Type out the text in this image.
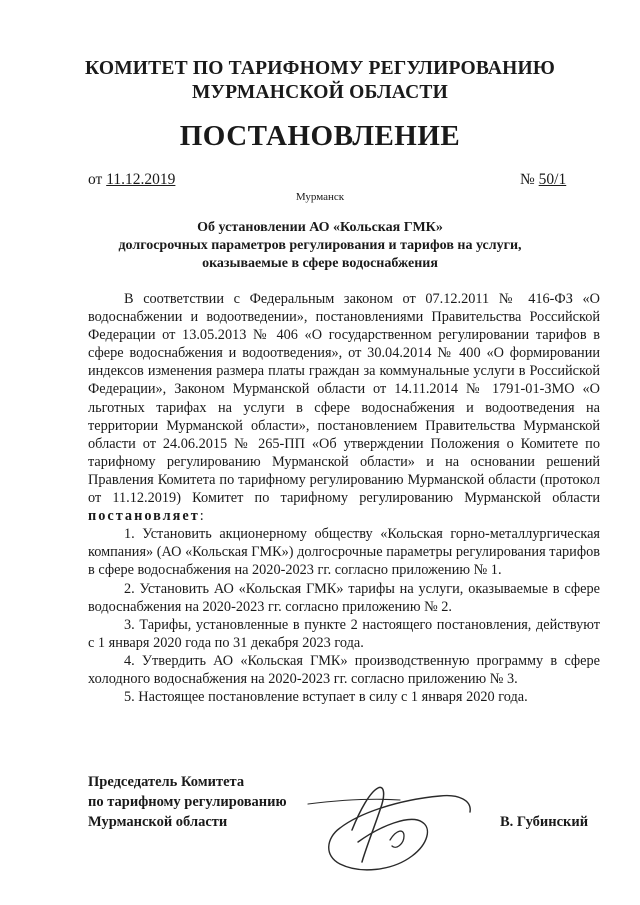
КОМИТЕТ ПО ТАРИФНОМУ РЕГУЛИРОВАНИЮ
МУРМАНСКОЙ ОБЛАСТИ
ПОСТАНОВЛЕНИЕ
от 11.12.2019	№ 50/1
Мурманск
Об установлении АО «Кольская ГМК»
долгосрочных параметров регулирования и тарифов на услуги,
оказываемые в сфере водоснабжения

В соответствии с Федеральным законом от 07.12.2011 № 416-ФЗ «О водоснабжении и водоотведении», постановлениями Правительства Российской Федерации от 13.05.2013 № 406 «О государственном регулировании тарифов в сфере водоснабжения и водоотведения», от 30.04.2014 № 400 «О формировании индексов изменения размера платы граждан за коммунальные услуги в Российской Федерации», Законом Мурманской области от 14.11.2014 № 1791-01-ЗМО «О льготных тарифах на услуги в сфере водоснабжения и водоотведения на территории Мурманской области», постановлением Правительства Мурманской области от 24.06.2015 № 265-ПП «Об утверждении Положения о Комитете по тарифному регулированию Мурманской области» и на основании решений Правления Комитета по тарифному регулированию Мурманской области (протокол от 11.12.2019) Комитет по тарифному регулированию Мурманской области постановляет:

1. Установить акционерному обществу «Кольская горно-металлургическая компания» (АО «Кольская ГМК») долгосрочные параметры регулирования тарифов в сфере водоснабжения на 2020-2023 гг. согласно приложению № 1.

2. Установить АО «Кольская ГМК» тарифы на услуги, оказываемые в сфере водоснабжения на 2020-2023 гг. согласно приложению № 2.

3. Тарифы, установленные в пункте 2 настоящего постановления, действуют с 1 января 2020 года по 31 декабря 2023 года.

4. Утвердить АО «Кольская ГМК» производственную программу в сфере холодного водоснабжения на 2020-2023 гг. согласно приложению № 3.

5. Настоящее постановление вступает в силу с 1 января 2020 года.

Председатель Комитета
по тарифному регулированию
Мурманской области	В. Губинский
